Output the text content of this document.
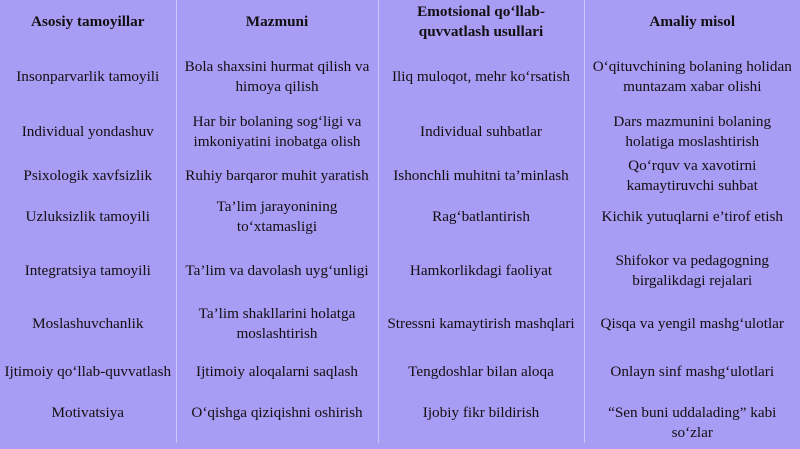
Asosiy tamoyillar	Mazmuni	Emotsional qo‘llab-quvvatlash usullari	Amaliy misol
Insonparvarlik tamoyili	Bola shaxsini hurmat qilish va himoya qilish	Iliq muloqot, mehr ko‘rsatish	O‘qituvchining bolaning holidan muntazam xabar olishi
Individual yondashuv	Har bir bolaning sog‘ligi va imkoniyatini inobatga olish	Individual suhbatlar	Dars mazmunini bolaning holatiga moslashtirish
Psixologik xavfsizlik	Ruhiy barqaror muhit yaratish	Ishonchli muhitni ta’minlash	Qo‘rquv va xavotirni kamaytiruvchi suhbat
Uzluksizlik tamoyili	Ta’lim jarayonining to‘xtamasligi	Rag‘batlantirish	Kichik yutuqlarni e’tirof etish
Integratsiya tamoyili	Ta’lim va davolash uyg‘unligi	Hamkorlikdagi faoliyat	Shifokor va pedagogning birgalikdagi rejalari
Moslashuvchanlik	Ta’lim shakllarini holatga moslashtirish	Stressni kamaytirish mashqlari	Qisqa va yengil mashg‘ulotlar
Ijtimoiy qo‘llab-quvvatlash	Ijtimoiy aloqalarni saqlash	Tengdoshlar bilan aloqa	Onlayn sinf mashg‘ulotlari
Motivatsiya	O‘qishga qiziqishni oshirish	Ijobiy fikr bildirish	“Sen buni uddalading” kabi so‘zlar
